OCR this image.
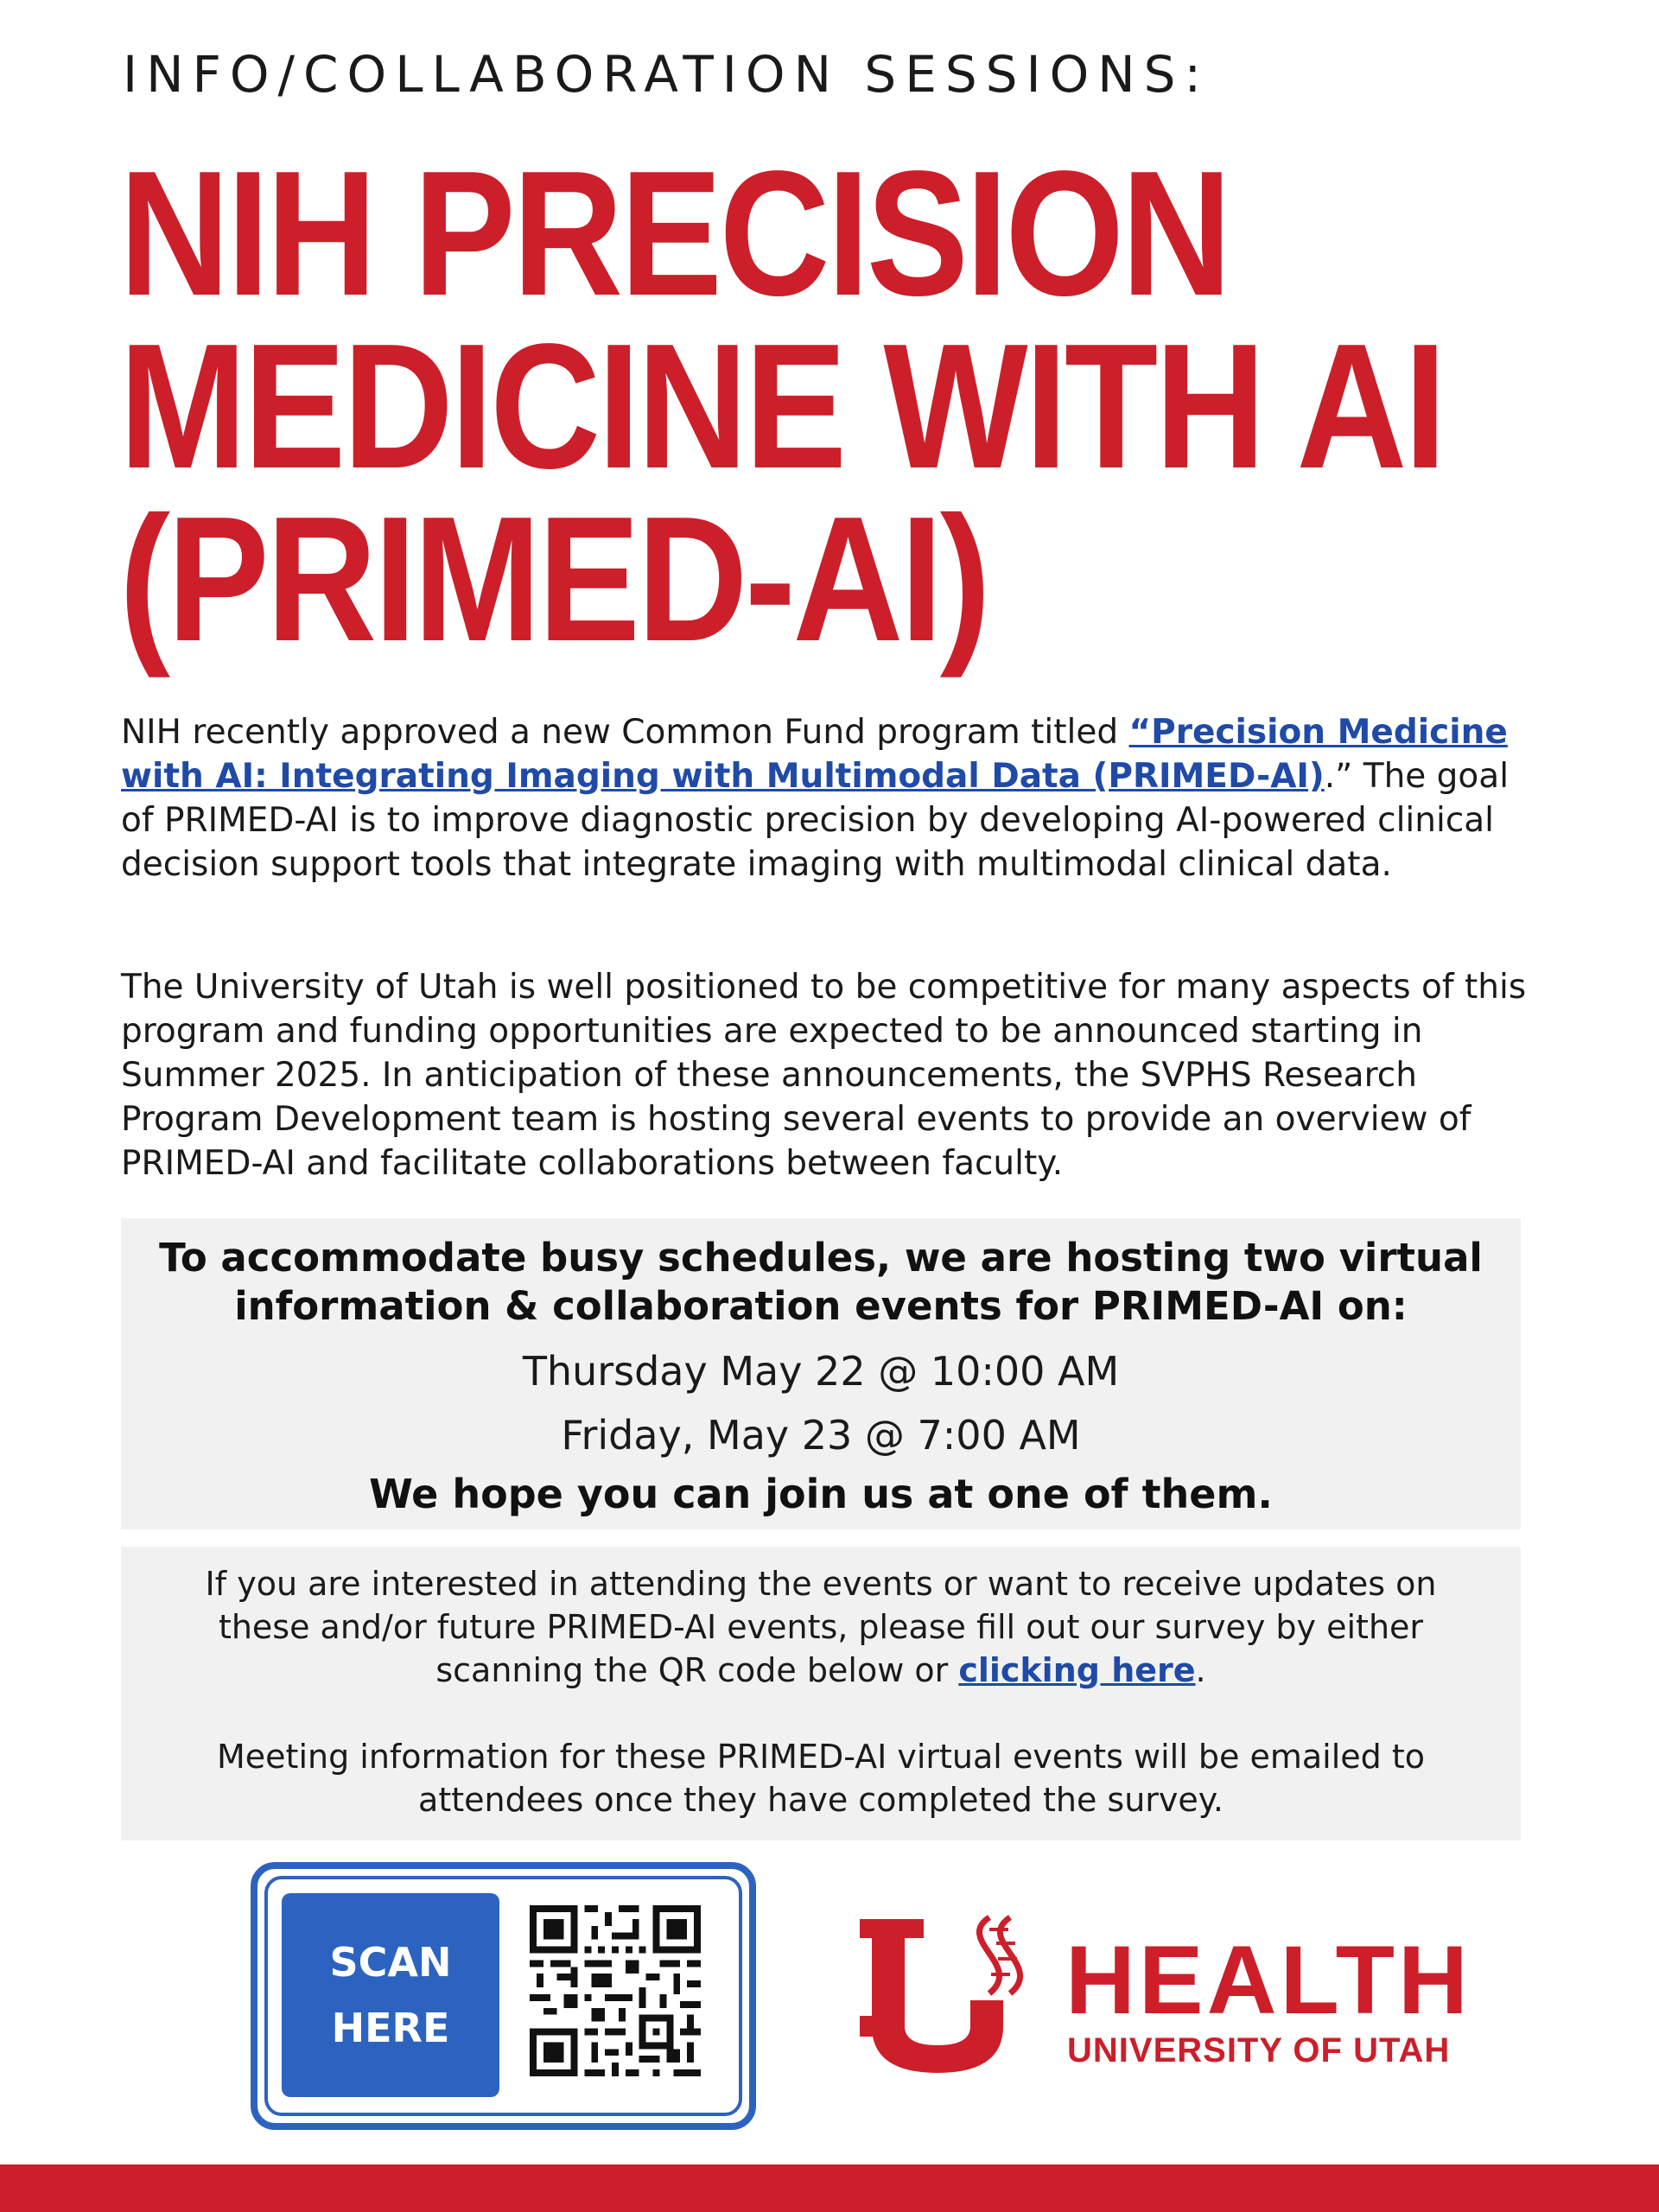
INFO/COLLABORATION SESSIONS:
NIH PRECISION
MEDICINE WITH AI
(PRIMED-AI)

NIH recently approved a new Common Fund program titled “Precision Medicine with AI: Integrating Imaging with Multimodal Data (PRIMED-AI).” The goal of PRIMED-AI is to improve diagnostic precision by developing AI-powered clinical decision support tools that integrate imaging with multimodal clinical data.

The University of Utah is well positioned to be competitive for many aspects of this program and funding opportunities are expected to be announced starting in Summer 2025. In anticipation of these announcements, the SVPHS Research Program Development team is hosting several events to provide an overview of PRIMED-AI and facilitate collaborations between faculty.

To accommodate busy schedules, we are hosting two virtual information & collaboration events for PRIMED-AI on:
Thursday May 22 @ 10:00 AM
Friday, May 23 @ 7:00 AM
We hope you can join us at one of them.

If you are interested in attending the events or want to receive updates on these and/or future PRIMED-AI events, please fill out our survey by either scanning the QR code below or clicking here.

Meeting information for these PRIMED-AI virtual events will be emailed to attendees once they have completed the survey.

SCAN
HERE	HEALTH
UNIVERSITY OF UTAH
